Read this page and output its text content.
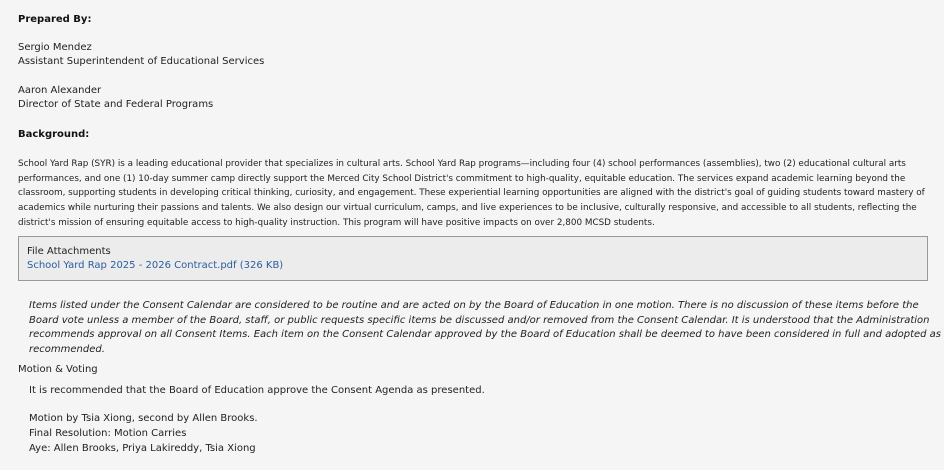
Prepared By:
Sergio Mendez
Assistant Superintendent of Educational Services
Aaron Alexander
Director of State and Federal Programs
Background:
School Yard Rap (SYR) is a leading educational provider that specializes in cultural arts. School Yard Rap programs—including four (4) school performances (assemblies), two (2) educational cultural arts
performances, and one (1) 10-day summer camp directly support the Merced City School District's commitment to high-quality, equitable education. The services expand academic learning beyond the
classroom, supporting students in developing critical thinking, curiosity, and engagement. These experiential learning opportunities are aligned with the district's goal of guiding students toward mastery of
academics while nurturing their passions and talents. We also design our virtual curriculum, camps, and live experiences to be inclusive, culturally responsive, and accessible to all students, reflecting the
district's mission of ensuring equitable access to high-quality instruction. This program will have positive impacts on over 2,800 MCSD students.
File Attachments
School Yard Rap 2025 - 2026 Contract.pdf (326 KB)
Items listed under the Consent Calendar are considered to be routine and are acted on by the Board of Education in one motion. There is no discussion of these items before the
Board vote unless a member of the Board, staff, or public requests specific items be discussed and/or removed from the Consent Calendar. It is understood that the Administration
recommends approval on all Consent Items. Each item on the Consent Calendar approved by the Board of Education shall be deemed to have been considered in full and adopted as
recommended.
Motion & Voting
It is recommended that the Board of Education approve the Consent Agenda as presented.
Motion by Tsia Xiong, second by Allen Brooks.
Final Resolution: Motion Carries
Aye: Allen Brooks, Priya Lakireddy, Tsia Xiong
